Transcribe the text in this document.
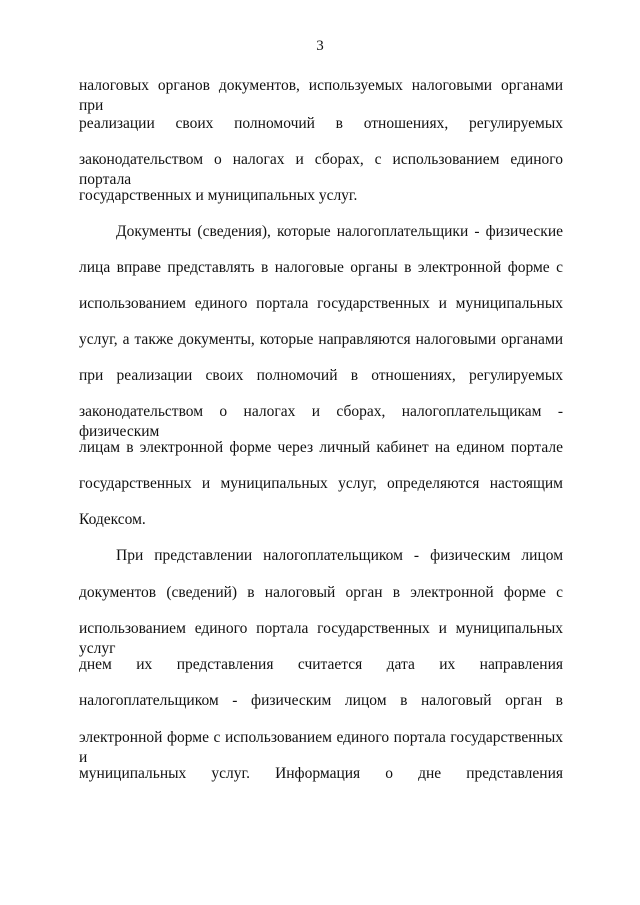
3
налоговых органов документов, используемых налоговыми органами при
реализации своих полномочий в отношениях, регулируемых
законодательством о налогах и сборах, с использованием единого портала
государственных и муниципальных услуг.
Документы (сведения), которые налогоплательщики - физические
лица вправе представлять в налоговые органы в электронной форме с
использованием единого портала государственных и муниципальных
услуг, а также документы, которые направляются налоговыми органами
при реализации своих полномочий в отношениях, регулируемых
законодательством о налогах и сборах, налогоплательщикам - физическим
лицам в электронной форме через личный кабинет на едином портале
государственных и муниципальных услуг, определяются настоящим
Кодексом.
При представлении налогоплательщиком - физическим лицом
документов (сведений) в налоговый орган в электронной форме с
использованием единого портала государственных и муниципальных услуг
днем их представления считается дата их направления
налогоплательщиком - физическим лицом в налоговый орган в
электронной форме с использованием единого портала государственных и
муниципальных услуг. Информация о дне представления
